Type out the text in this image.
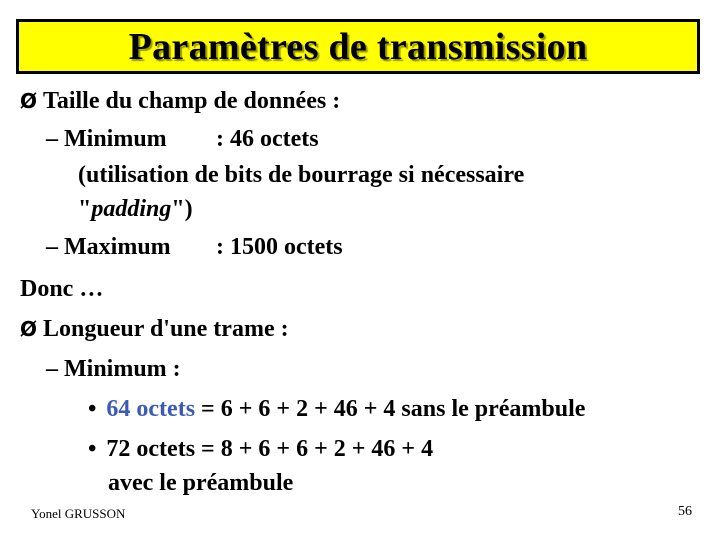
Paramètres de transmission
Ø Taille du champ de données :
– Minimum : 46 octets
(utilisation de bits de bourrage si nécessaire
"padding")
– Maximum : 1500 octets
Donc …
Ø Longueur d'une trame :
– Minimum :
• 64 octets = 6 + 6 + 2 + 46 + 4 sans le préambule
• 72 octets = 8 + 6 + 6 + 2 + 46 + 4
avec le préambule
Yonel GRUSSON	56
